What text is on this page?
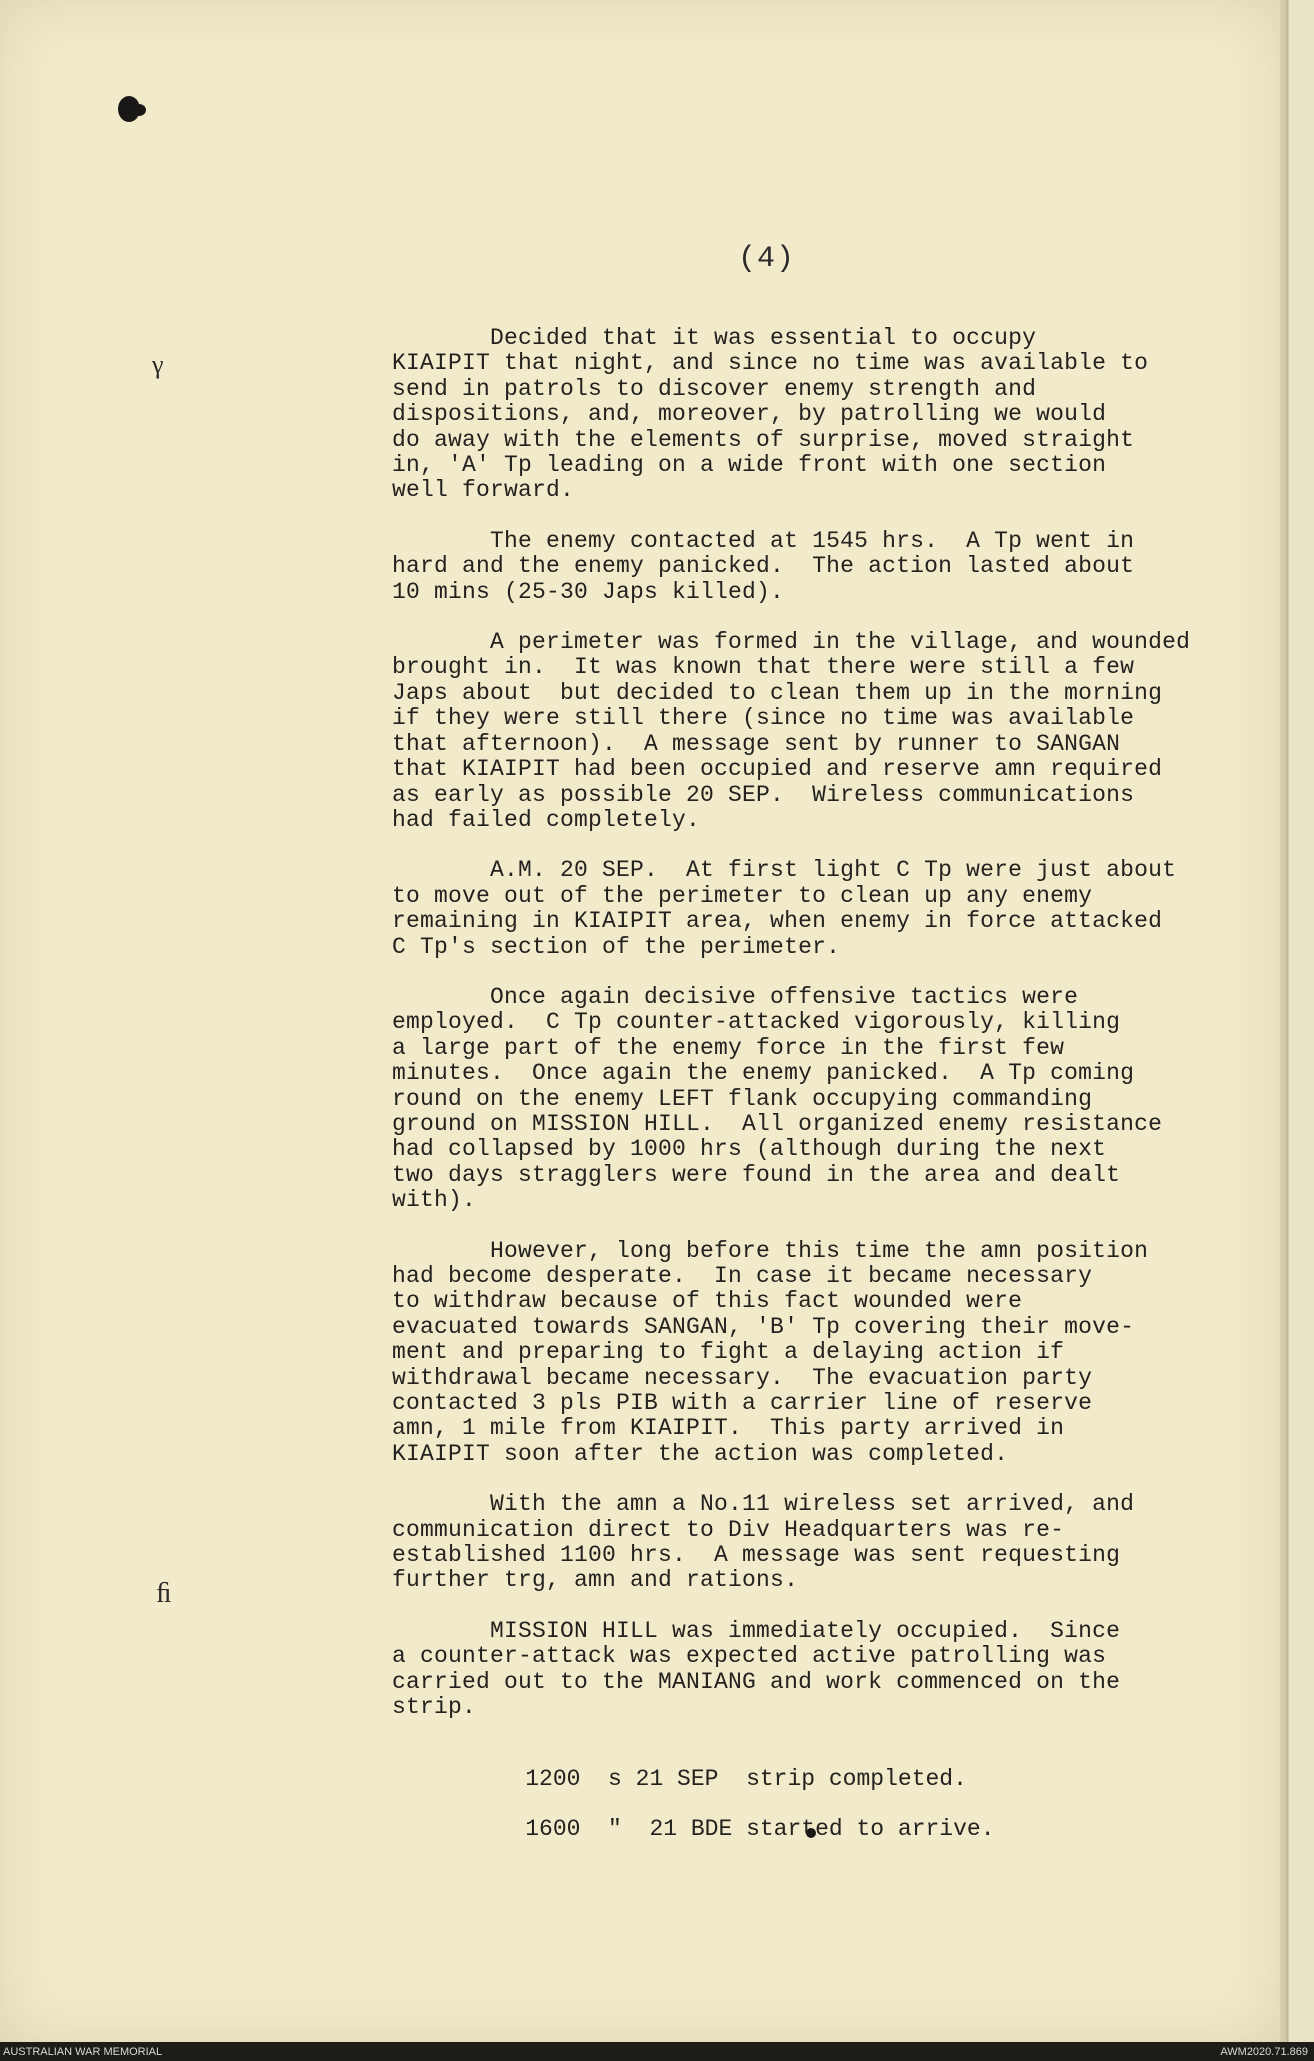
γ
ﬁ
(4)
Decided that it was essential to occupy
KIAIPIT that night, and since no time was available to
send in patrols to discover enemy strength and
dispositions, and, moreover, by patrolling we would
do away with the elements of surprise, moved straight
in, 'A' Tp leading on a wide front with one section
well forward.
The enemy contacted at 1545 hrs.  A Tp went in
hard and the enemy panicked.  The action lasted about
10 mins (25-30 Japs killed).
A perimeter was formed in the village, and wounded
brought in.  It was known that there were still a few
Japs about  but decided to clean them up in the morning
if they were still there (since no time was available
that afternoon).  A message sent by runner to SANGAN
that KIAIPIT had been occupied and reserve amn required
as early as possible 20 SEP.  Wireless communications
had failed completely.
A.M. 20 SEP.  At first light C Tp were just about
to move out of the perimeter to clean up any enemy
remaining in KIAIPIT area, when enemy in force attacked
C Tp's section of the perimeter.
Once again decisive offensive tactics were
employed.  C Tp counter-attacked vigorously, killing
a large part of the enemy force in the first few
minutes.  Once again the enemy panicked.  A Tp coming
round on the enemy LEFT flank occupying commanding
ground on MISSION HILL.  All organized enemy resistance
had collapsed by 1000 hrs (although during the next
two days stragglers were found in the area and dealt
with).
However, long before this time the amn position
had become desperate.  In case it became necessary
to withdraw because of this fact wounded were
evacuated towards SANGAN, 'B' Tp covering their move-
ment and preparing to fight a delaying action if
withdrawal became necessary.  The evacuation party
contacted 3 pls PIB with a carrier line of reserve
amn, 1 mile from KIAIPIT.  This party arrived in
KIAIPIT soon after the action was completed.
With the amn a No.11 wireless set arrived, and
communication direct to Div Headquarters was re-
established 1100 hrs.  A message was sent requesting
further trg, amn and rations.
MISSION HILL was immediately occupied.  Since
a counter-attack was expected active patrolling was
carried out to the MANIANG and work commenced on the
strip.

1200  s 21 SEP  strip completed.

1600  "  21 BDE started to arrive.

AUSTRALIAN WAR MEMORIAL	AWM2020.71.869
